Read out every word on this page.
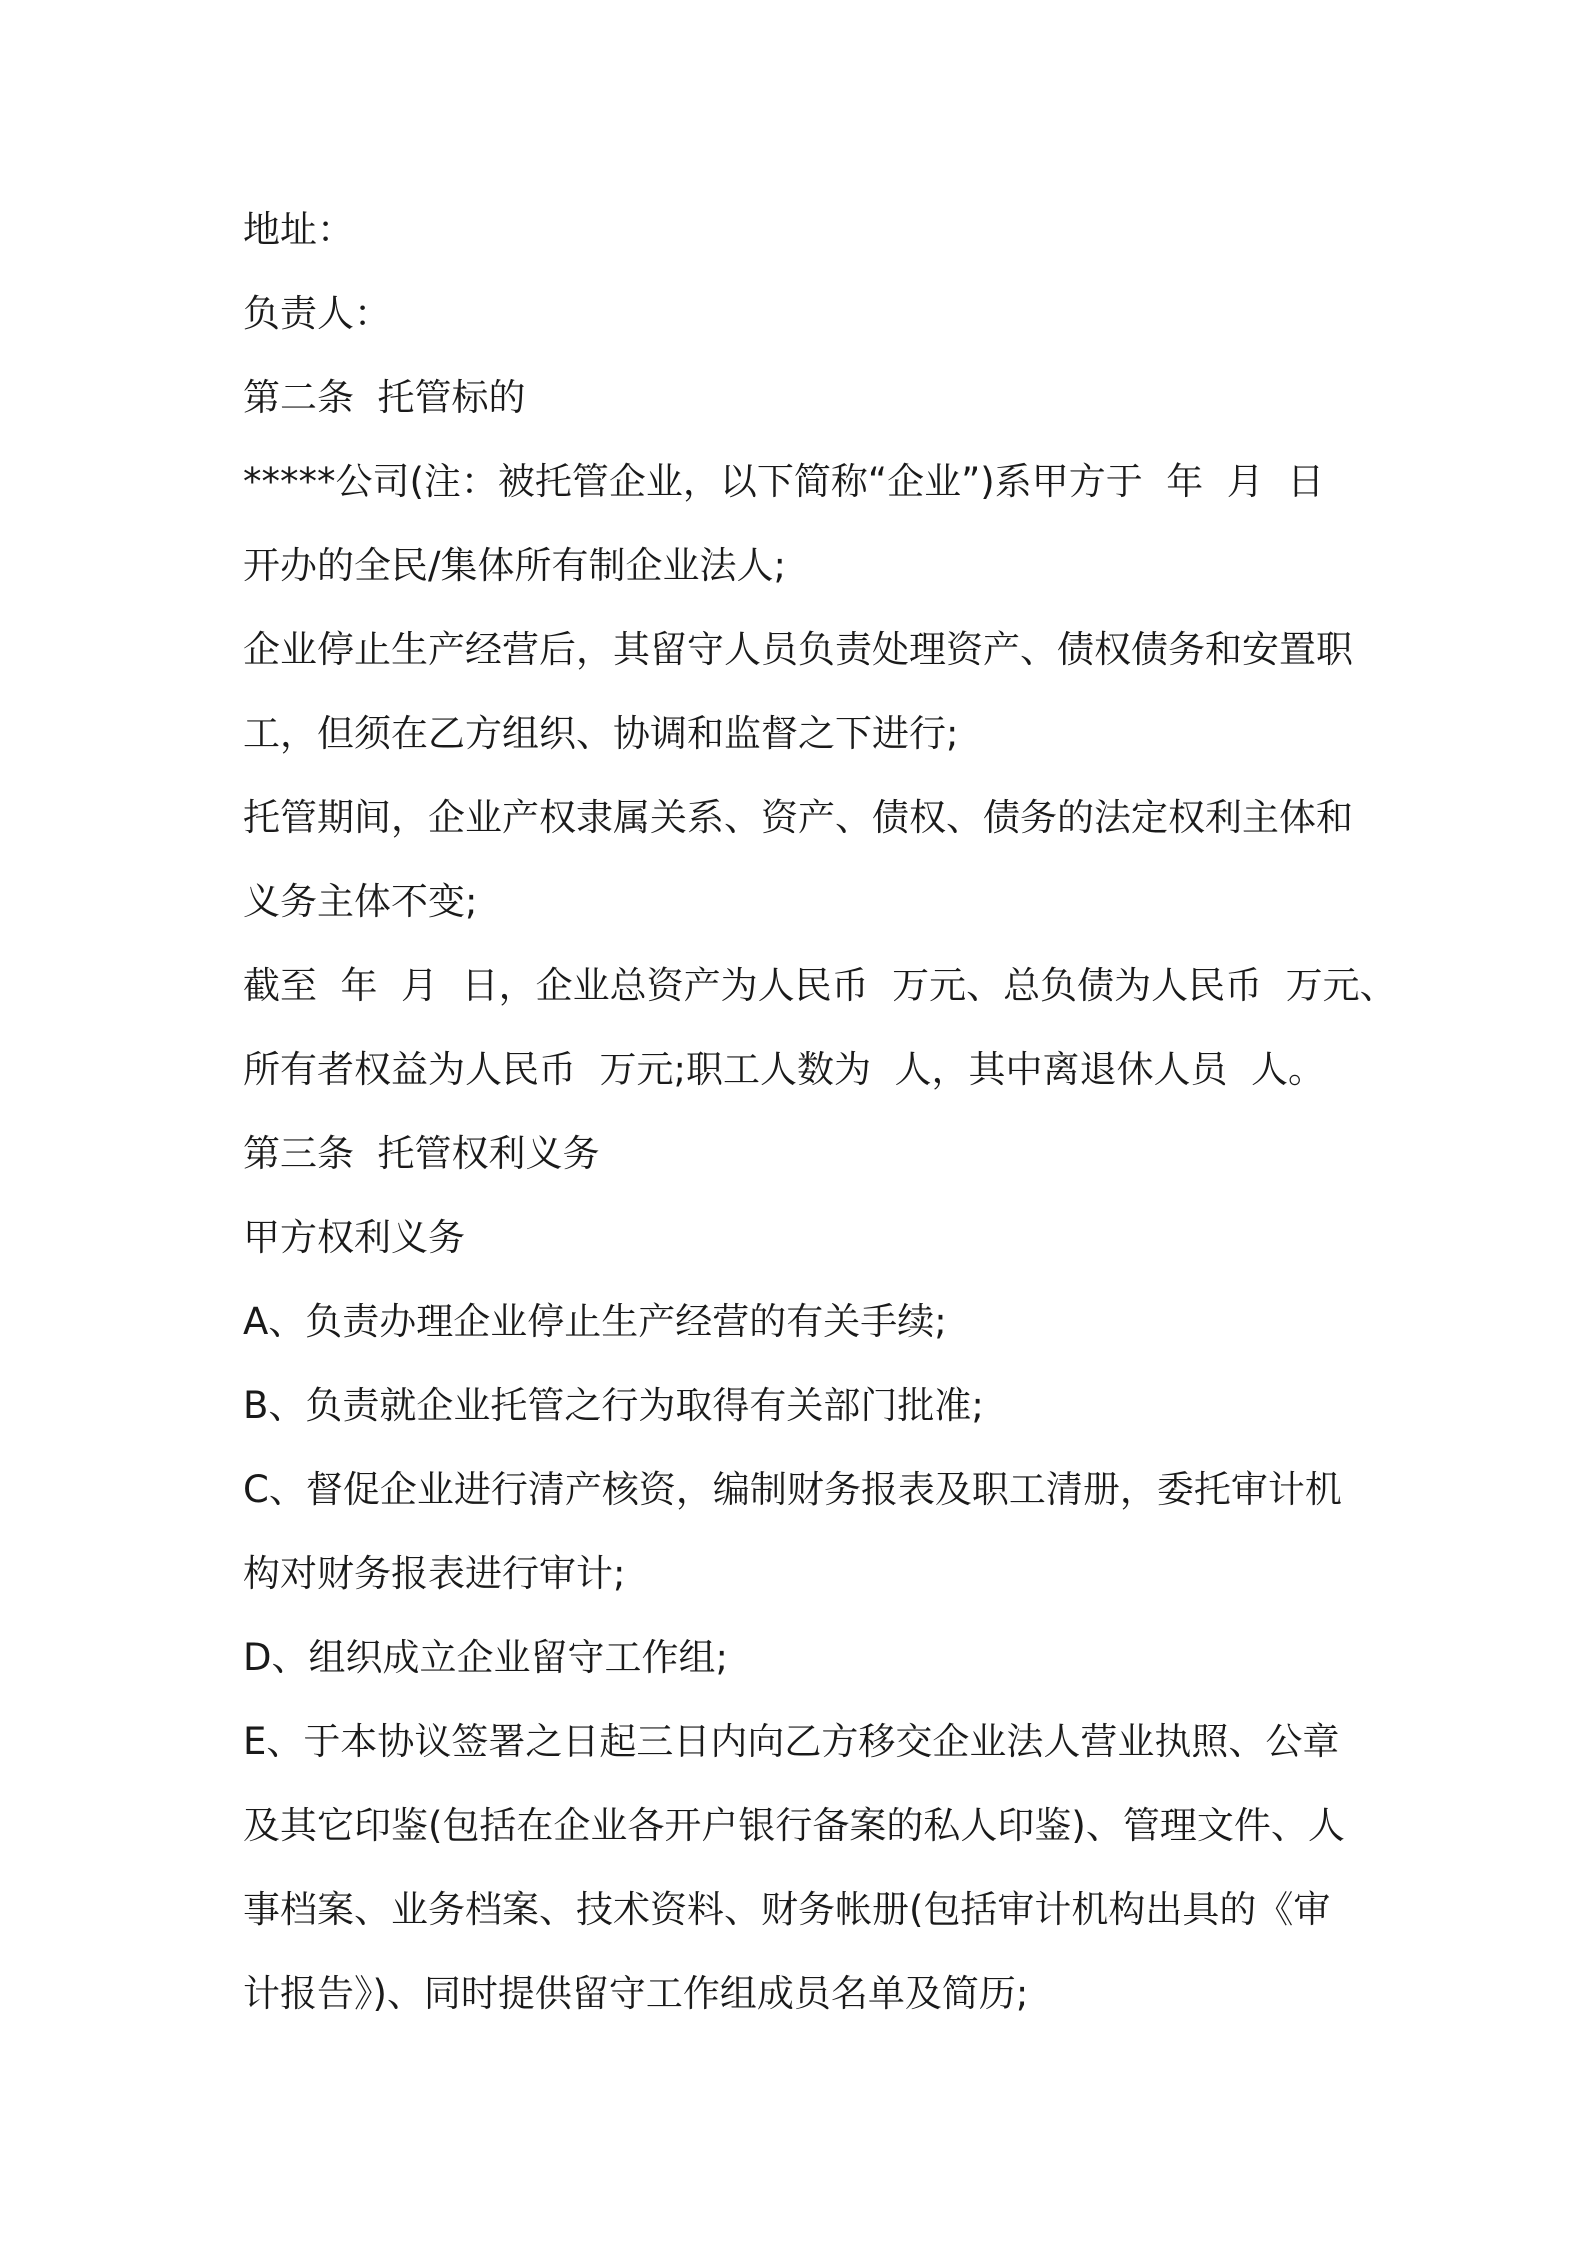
地址：
负责人：
第二条  托管标的
*****公司(注：被托管企业，以下简称“企业”)系甲方于  年  月  日
开办的全民/集体所有制企业法人;
企业停止生产经营后，其留守人员负责处理资产、债权债务和安置职
工，但须在乙方组织、协调和监督之下进行;
托管期间，企业产权隶属关系、资产、债权、债务的法定权利主体和
义务主体不变;
截至  年  月  日，企业总资产为人民币  万元、总负债为人民币  万元、
所有者权益为人民币  万元;职工人数为  人，其中离退休人员  人。
第三条  托管权利义务
甲方权利义务
A、负责办理企业停止生产经营的有关手续;
B、负责就企业托管之行为取得有关部门批准;
C、督促企业进行清产核资，编制财务报表及职工清册，委托审计机
构对财务报表进行审计;
D、组织成立企业留守工作组;
E、于本协议签署之日起三日内向乙方移交企业法人营业执照、公章
及其它印鉴(包括在企业各开户银行备案的私人印鉴)、管理文件、人
事档案、业务档案、技术资料、财务帐册(包括审计机构出具的《审
计报告》)、同时提供留守工作组成员名单及简历;
